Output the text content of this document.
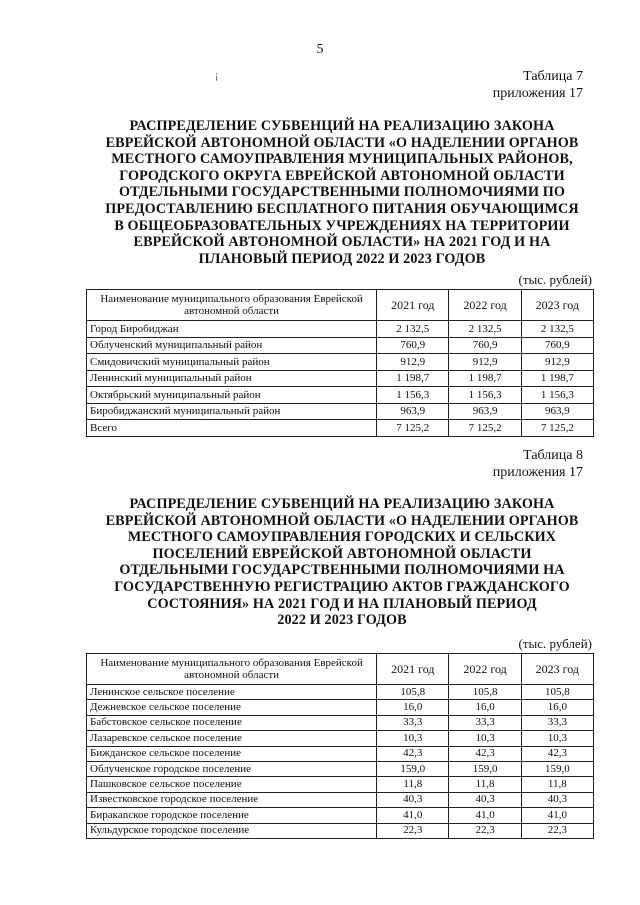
5
¡	Таблица 7
приложения 17
РАСПРЕДЕЛЕНИЕ СУБВЕНЦИЙ НА РЕАЛИЗАЦИЮ ЗАКОНА
ЕВРЕЙСКОЙ АВТОНОМНОЙ ОБЛАСТИ «О НАДЕЛЕНИИ ОРГАНОВ
МЕСТНОГО САМОУПРАВЛЕНИЯ МУНИЦИПАЛЬНЫХ РАЙОНОВ,
ГОРОДСКОГО ОКРУГА ЕВРЕЙСКОЙ АВТОНОМНОЙ ОБЛАСТИ
ОТДЕЛЬНЫМИ ГОСУДАРСТВЕННЫМИ ПОЛНОМОЧИЯМИ ПО
ПРЕДОСТАВЛЕНИЮ БЕСПЛАТНОГО ПИТАНИЯ ОБУЧАЮЩИМСЯ
В ОБЩЕОБРАЗОВАТЕЛЬНЫХ УЧРЕЖДЕНИЯХ НА ТЕРРИТОРИИ
ЕВРЕЙСКОЙ АВТОНОМНОЙ ОБЛАСТИ» НА 2021 ГОД И НА
ПЛАНОВЫЙ ПЕРИОД 2022 И 2023 ГОДОВ
(тыс. рублей)
Наименование муниципального образования Еврейской автономной области	2021 год	2022 год	2023 год
Город Биробиджан	2 132,5	2 132,5	2 132,5
Облученский муниципальный район	760,9	760,9	760,9
Смидовичский муниципальный район	912,9	912,9	912,9
Ленинский муниципальный район	1 198,7	1 198,7	1 198,7
Октябрьский муниципальный район	1 156,3	1 156,3	1 156,3
Биробиджанский муниципальный район	963,9	963,9	963,9
Всего	7 125,2	7 125,2	7 125,2
Таблица 8
приложения 17
РАСПРЕДЕЛЕНИЕ СУБВЕНЦИЙ НА РЕАЛИЗАЦИЮ ЗАКОНА
ЕВРЕЙСКОЙ АВТОНОМНОЙ ОБЛАСТИ «О НАДЕЛЕНИИ ОРГАНОВ
МЕСТНОГО САМОУПРАВЛЕНИЯ ГОРОДСКИХ И СЕЛЬСКИХ
ПОСЕЛЕНИЙ ЕВРЕЙСКОЙ АВТОНОМНОЙ ОБЛАСТИ
ОТДЕЛЬНЫМИ ГОСУДАРСТВЕННЫМИ ПОЛНОМОЧИЯМИ НА
ГОСУДАРСТВЕННУЮ РЕГИСТРАЦИЮ АКТОВ ГРАЖДАНСКОГО
СОСТОЯНИЯ» НА 2021 ГОД И НА ПЛАНОВЫЙ ПЕРИОД
2022 И 2023 ГОДОВ
(тыс. рублей)
Наименование муниципального образования Еврейской автономной области	2021 год	2022 год	2023 год
Ленинское сельское поселение	105,8	105,8	105,8
Дежневское сельское поселение	16,0	16,0	16,0
Бабстовское сельское поселение	33,3	33,3	33,3
Лазаревское сельское поселение	10,3	10,3	10,3
Бижданское сельское поселение	42,3	42,3	42,3
Облученское городское поселение	159,0	159,0	159,0
Пашковское сельское поселение	11,8	11,8	11,8
Известковское городское поселение	40,3	40,3	40,3
Биракanское городское поселение	41,0	41,0	41,0
Кульдурское городское поселение	22,3	22,3	22,3
